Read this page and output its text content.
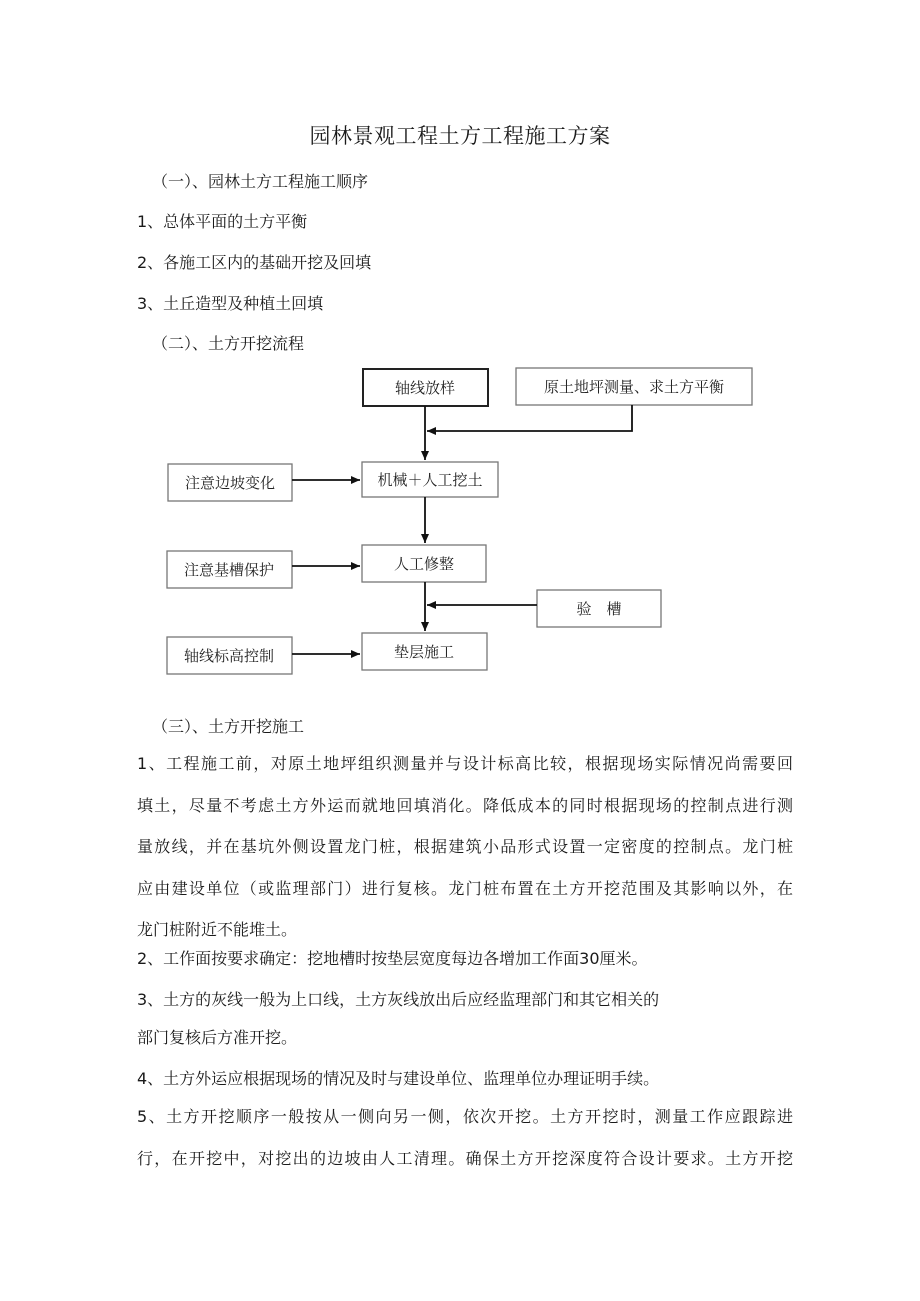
园林景观工程土方工程施工方案
（一）、园林土方工程施工顺序
1、总体平面的土方平衡
2、各施工区内的基础开挖及回填
3、土丘造型及种植土回填
（二）、土方开挖流程
轴线放样	原土地坪测量、求土方平衡
注意边坡变化	机械＋人工挖土
注意基槽保护	人工修整
验　槽
轴线标高控制	垫层施工
（三）、土方开挖施工
1、工程施工前，对原土地坪组织测量并与设计标高比较，根据现场实际情况尚需要回
填土，尽量不考虑土方外运而就地回填消化。降低成本的同时根据现场的控制点进行测
量放线，并在基坑外侧设置龙门桩，根据建筑小品形式设置一定密度的控制点。龙门桩
应由建设单位（或监理部门）进行复核。龙门桩布置在土方开挖范围及其影响以外，在
龙门桩附近不能堆土。
2、工作面按要求确定：挖地槽时按垫层宽度每边各增加工作面30厘米。
3、土方的灰线一般为上口线，土方灰线放出后应经监理部门和其它相关的
部门复核后方准开挖。
4、土方外运应根据现场的情况及时与建设单位、监理单位办理证明手续。
5、土方开挖顺序一般按从一侧向另一侧，依次开挖。土方开挖时，测量工作应跟踪进
行，在开挖中，对挖出的边坡由人工清理。确保土方开挖深度符合设计要求。土方开挖
